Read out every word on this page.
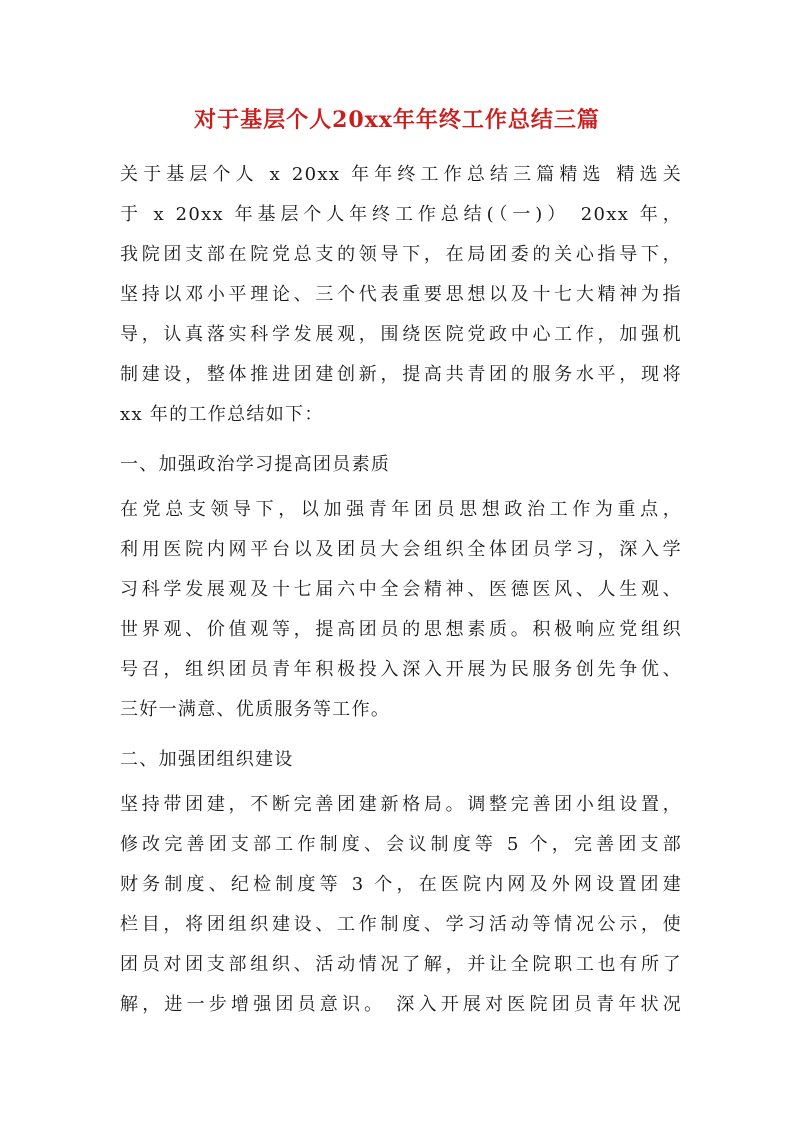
对于基层个人20xx年年终工作总结三篇
关于基层个人 x 20xx 年年终工作总结三篇精选 精选关
于 x 20xx 年基层个人年终工作总结(（一)） 20xx 年，
我院团支部在院党总支的领导下，在局团委的关心指导下，
坚持以邓小平理论、三个代表重要思想以及十七大精神为指
导，认真落实科学发展观，围绕医院党政中心工作，加强机
制建设，整体推进团建创新，提高共青团的服务水平，现将
xx 年的工作总结如下：
一、加强政治学习提高团员素质
在党总支领导下，以加强青年团员思想政治工作为重点，
利用医院内网平台以及团员大会组织全体团员学习，深入学
习科学发展观及十七届六中全会精神、医德医风、人生观、
世界观、价值观等，提高团员的思想素质。积极响应党组织
号召，组织团员青年积极投入深入开展为民服务创先争优、
三好一满意、优质服务等工作。
二、加强团组织建设
坚持带团建，不断完善团建新格局。调整完善团小组设置，
修改完善团支部工作制度、会议制度等 5 个，完善团支部
财务制度、纪检制度等 3 个，在医院内网及外网设置团建
栏目，将团组织建设、工作制度、学习活动等情况公示，使
团员对团支部组织、活动情况了解，并让全院职工也有所了
解，进一步增强团员意识。 深入开展对医院团员青年状况
